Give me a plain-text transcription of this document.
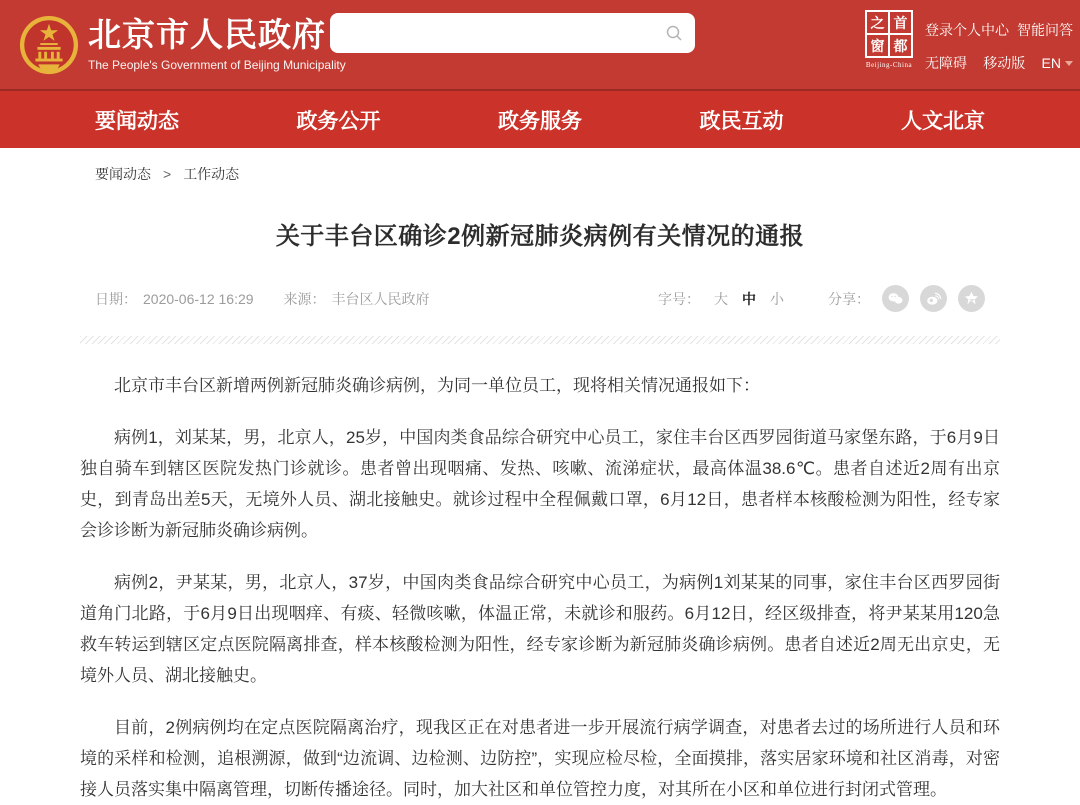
北京市人民政府
The People's Government of Beijing Municipality
之 首
窗 都
Beijing-China
登录个人中心 智能问答
无障碍 移动版 EN
要闻动态	政务公开	政务服务	政民互动	人文北京
要闻动态 > 工作动态
关于丰台区确诊2例新冠肺炎病例有关情况的通报
日期： 2020-06-12 16:29 来源： 丰台区人民政府	字号： 大 中 小	分享：

北京市丰台区新增两例新冠肺炎确诊病例，为同一单位员工，现将相关情况通报如下：

病例1，刘某某，男，北京人，25岁，中国肉类食品综合研究中心员工，家住丰台区西罗园街道马家堡东路，于6月9日独自骑车到辖区医院发热门诊就诊。患者曾出现咽痛、发热、咳嗽、流涕症状，最高体温38.6℃。患者自述近2周有出京史，到青岛出差5天，无境外人员、湖北接触史。就诊过程中全程佩戴口罩，6月12日，患者样本核酸检测为阳性，经专家会诊诊断为新冠肺炎确诊病例。

病例2，尹某某，男，北京人，37岁，中国肉类食品综合研究中心员工，为病例1刘某某的同事，家住丰台区西罗园街道角门北路，于6月9日出现咽痒、有痰、轻微咳嗽，体温正常，未就诊和服药。6月12日，经区级排查，将尹某某用120急救车转运到辖区定点医院隔离排查，样本核酸检测为阳性，经专家诊断为新冠肺炎确诊病例。患者自述近2周无出京史，无境外人员、湖北接触史。

目前，2例病例均在定点医院隔离治疗，现我区正在对患者进一步开展流行病学调查，对患者去过的场所进行人员和环境的采样和检测，追根溯源，做到“边流调、边检测、边防控”，实现应检尽检，全面摸排，落实居家环境和社区消毒，对密接人员落实集中隔离管理，切断传播途径。同时，加大社区和单位管控力度，对其所在小区和单位进行封闭式管理。
